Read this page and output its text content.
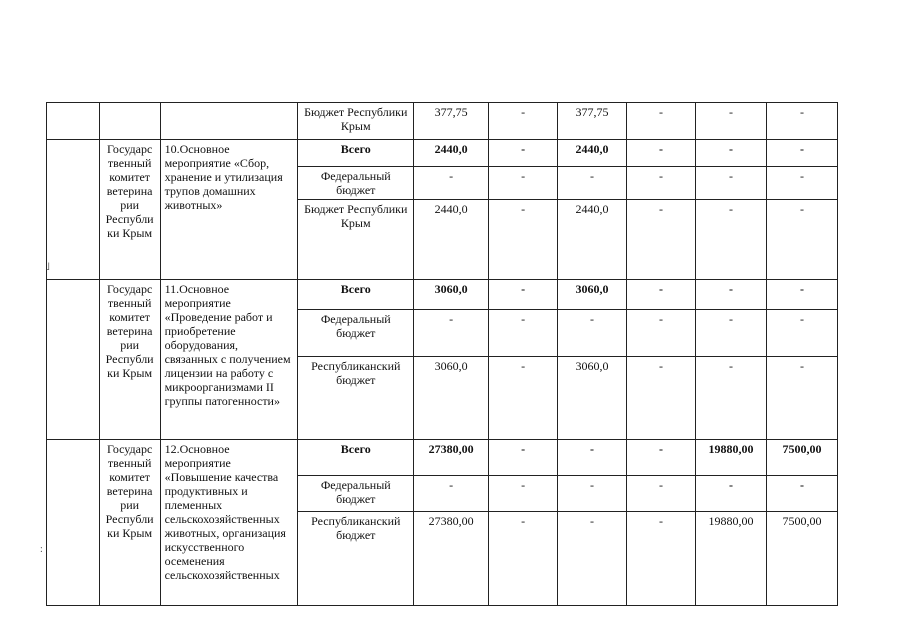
			Бюджет Республики Крым	377,75	-	377,75	-	-	-
	Государс твенный комитет ветерина рии Республи ки Крым	10.Основное мероприятие «Сбор, хранение и утилизация трупов домашних животных»	Всего	2440,0	-	2440,0	-	-	-
			Федеральный бюджет	-	-	-	-	-	-
			Бюджет Республики Крым	2440,0	-	2440,0	-	-	-
	Государс твенный комитет ветерина рии Республи ки Крым	11.Основное мероприятие «Проведение работ и приобретение оборудования, связанных с получением лицензии на работу с микроорганизмами II группы патогенности»	Всего	3060,0	-	3060,0	-	-	-
			Федеральный бюджет	-	-	-	-	-	-
			Республиканский бюджет	3060,0	-	3060,0	-	-	-
	Государс твенный комитет ветерина рии Республи ки Крым	12.Основное мероприятие «Повышение качества продуктивных и племенных сельскохозяйственных животных, организация искусственного осеменения сельскохозяйственных	Всего	27380,00	-	-	-	19880,00	7500,00
			Федеральный бюджет	-	-	-	-	-	-
			Республиканский бюджет	27380,00	-	-	-	19880,00	7500,00
˩
:
